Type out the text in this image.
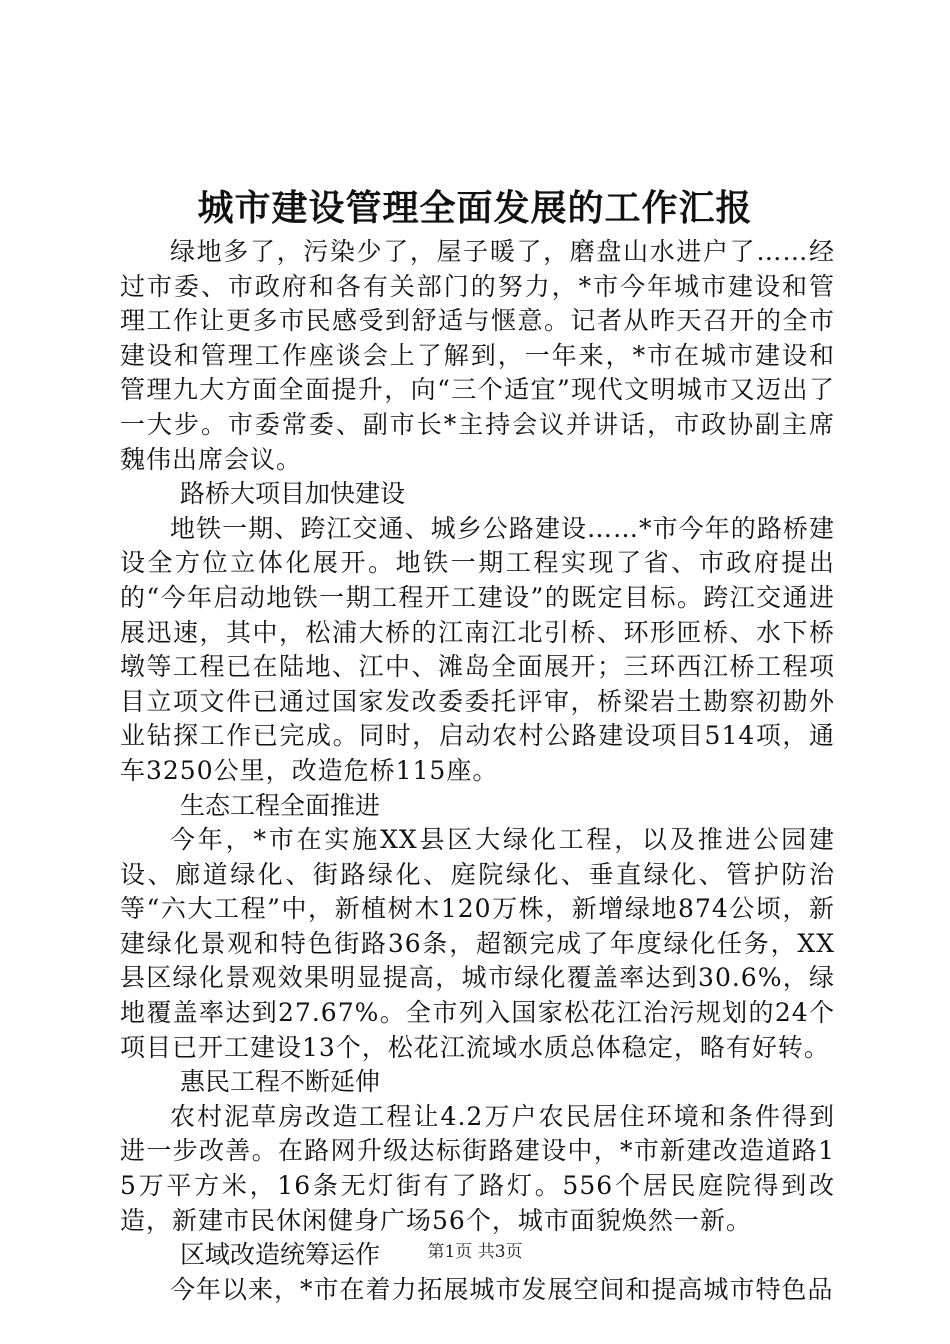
城市建设管理全面发展的工作汇报

绿地多了，污染少了，屋子暖了，磨盘山水进户了……经过市委、市政府和各有关部门的努力，*市今年城市建设和管理工作让更多市民感受到舒适与惬意。记者从昨天召开的全市建设和管理工作座谈会上了解到，一年来，*市在城市建设和管理九大方面全面提升，向“三个适宜”现代文明城市又迈出了一大步。市委常委、副市长*主持会议并讲话，市政协副主席魏伟出席会议。

路桥大项目加快建设

地铁一期、跨江交通、城乡公路建设……*市今年的路桥建设全方位立体化展开。地铁一期工程实现了省、市政府提出的“今年启动地铁一期工程开工建设”的既定目标。跨江交通进展迅速，其中，松浦大桥的江南江北引桥、环形匝桥、水下桥墩等工程已在陆地、江中、滩岛全面展开；三环西江桥工程项目立项文件已通过国家发改委委托评审，桥梁岩土勘察初勘外业钻探工作已完成。同时，启动农村公路建设项目514项，通车3250公里，改造危桥115座。

生态工程全面推进

今年，*市在实施XX县区大绿化工程，以及推进公园建设、廊道绿化、街路绿化、庭院绿化、垂直绿化、管护防治等“六大工程”中，新植树木120万株，新增绿地874公顷，新建绿化景观和特色街路36条，超额完成了年度绿化任务，XX县区绿化景观效果明显提高，城市绿化覆盖率达到30.6%，绿地覆盖率达到27.67%。全市列入国家松花江治污规划的24个项目已开工建设13个，松花江流域水质总体稳定，略有好转。

惠民工程不断延伸

农村泥草房改造工程让4.2万户农民居住环境和条件得到进一步改善。在路网升级达标街路建设中，*市新建改造道路15万平方米，16条无灯街有了路灯。556个居民庭院得到改造，新建市民休闲健身广场56个，城市面貌焕然一新。

区域改造统筹运作

今年以来，*市在着力拓展城市发展空间和提高城市特色品

第1页 共3页
